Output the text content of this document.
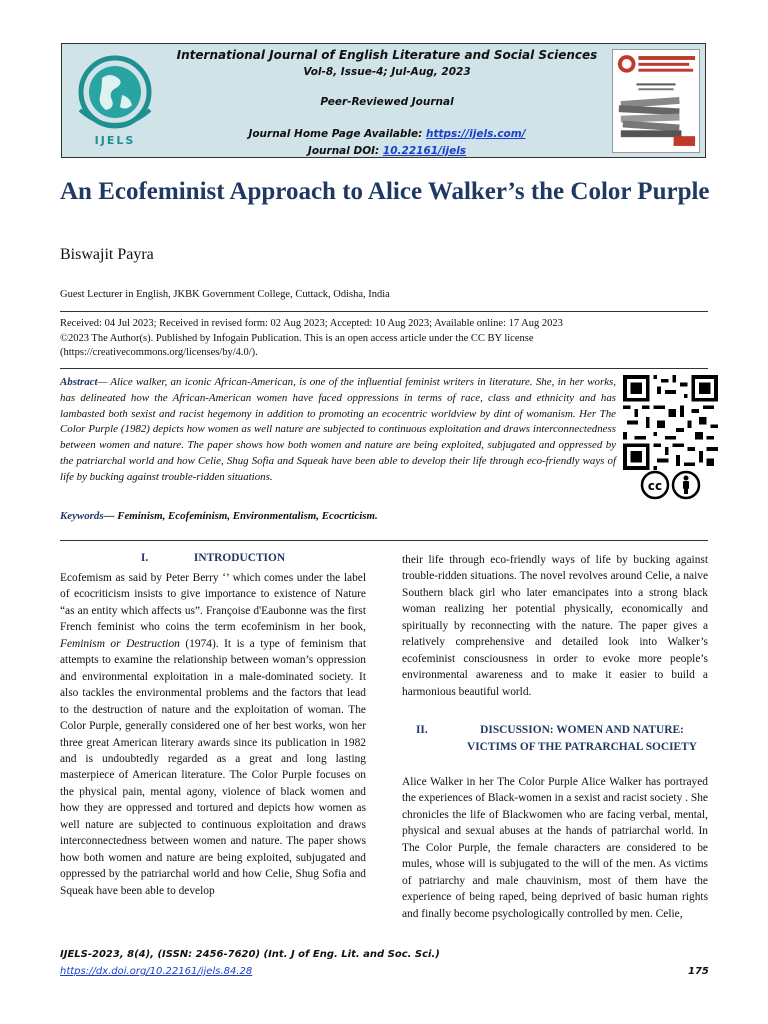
IJELS
International Journal of English Literature and Social Sciences
Vol-8, Issue-4; Jul-Aug, 2023
Peer-Reviewed Journal
Journal Home Page Available: https://ijels.com/
Journal DOI: 10.22161/ijels
An Ecofeminist Approach to Alice Walker’s the Color Purple
Biswajit Payra
Guest Lecturer in English, JKBK Government College, Cuttack, Odisha, India
Received: 04 Jul 2023; Received in revised form: 02 Aug 2023; Accepted: 10 Aug 2023; Available online: 17 Aug 2023
©2023 The Author(s). Published by Infogain Publication. This is an open access article under the CC BY license
(https://creativecommons.org/licenses/by/4.0/).
Abstract— Alice walker, an iconic African-American, is one of the influential feminist writers in literature. She, in her works, has delineated how the African-American women have faced oppressions in terms of race, class and ethnicity and has lambasted both sexist and racist hegemony in addition to promoting an ecocentric worldview by dint of womanism. Her The Color Purple (1982) depicts how women as well nature are subjected to continuous exploitation and draws interconnectedness between women and nature. The paper shows how both women and nature are being exploited, subjugated and oppressed by the patriarchal world and how Celie, Shug Sofia and Squeak have been able to develop their life through eco-friendly ways of life by bucking against trouble-ridden situations.
cc
Keywords— Feminism, Ecofeminism, Environmentalism, Ecocrticism.
I.	INTRODUCTION

Ecofemism as said by Peter Berry ‘’ which comes under the label of ecocriticism insists to give importance to existence of Nature “as an entity which affects us”. Françoise d'Eaubonne was the first French feminist who coins the term ecofeminism in her book, Feminism or Destruction (1974). It is a type of feminism that attempts to examine the relationship between woman’s oppression and environmental exploitation in a male-dominated society. It also tackles the environmental problems and the factors that lead to the destruction of nature and the exploitation of woman. The Color Purple, generally considered one of her best works, won her three great American literary awards since its publication in 1982 and is undoubtedly regarded as a great and long lasting masterpiece of American literature. The Color Purple focuses on the physical pain, mental agony, violence of black women and how they are oppressed and tortured and depicts how women as well nature are subjected to continuous exploitation and draws interconnectedness between women and nature. The paper shows how both women and nature are being exploited, subjugated and oppressed by the patriarchal world and how Celie, Shug Sofia and Squeak have been able to develop

their life through eco-friendly ways of life by bucking against trouble-ridden situations. The novel revolves around Celie, a naive Southern black girl who later emancipates into a strong black woman realizing her potential physically, economically and spiritually by reconnecting with the nature. The paper gives a relatively comprehensive and detailed look into Walker’s ecofeminist consciousness in order to evoke more people’s environmental awareness and to make it easier to build a harmonious beautiful world.

II.	DISCUSSION: WOMEN AND NATURE: VICTIMS OF THE PATRARCHAL SOCIETY

Alice Walker in her The Color Purple Alice Walker has portrayed the experiences of Black-women in a sexist and racist society . She chronicles the life of Blackwomen who are facing verbal, mental, physical and sexual abuses at the hands of patriarchal world. In The Color Purple, the female characters are considered to be mules, whose will is subjugated to the will of the men. As victims of patriarchy and male chauvinism, most of them have the experience of being raped, being deprived of basic human rights and finally become psychologically controlled by men. Celie,

IJELS-2023, 8(4), (ISSN: 2456-7620) (Int. J of Eng. Lit. and Soc. Sci.)
https://dx.doi.org/10.22161/ijels.84.28	175
